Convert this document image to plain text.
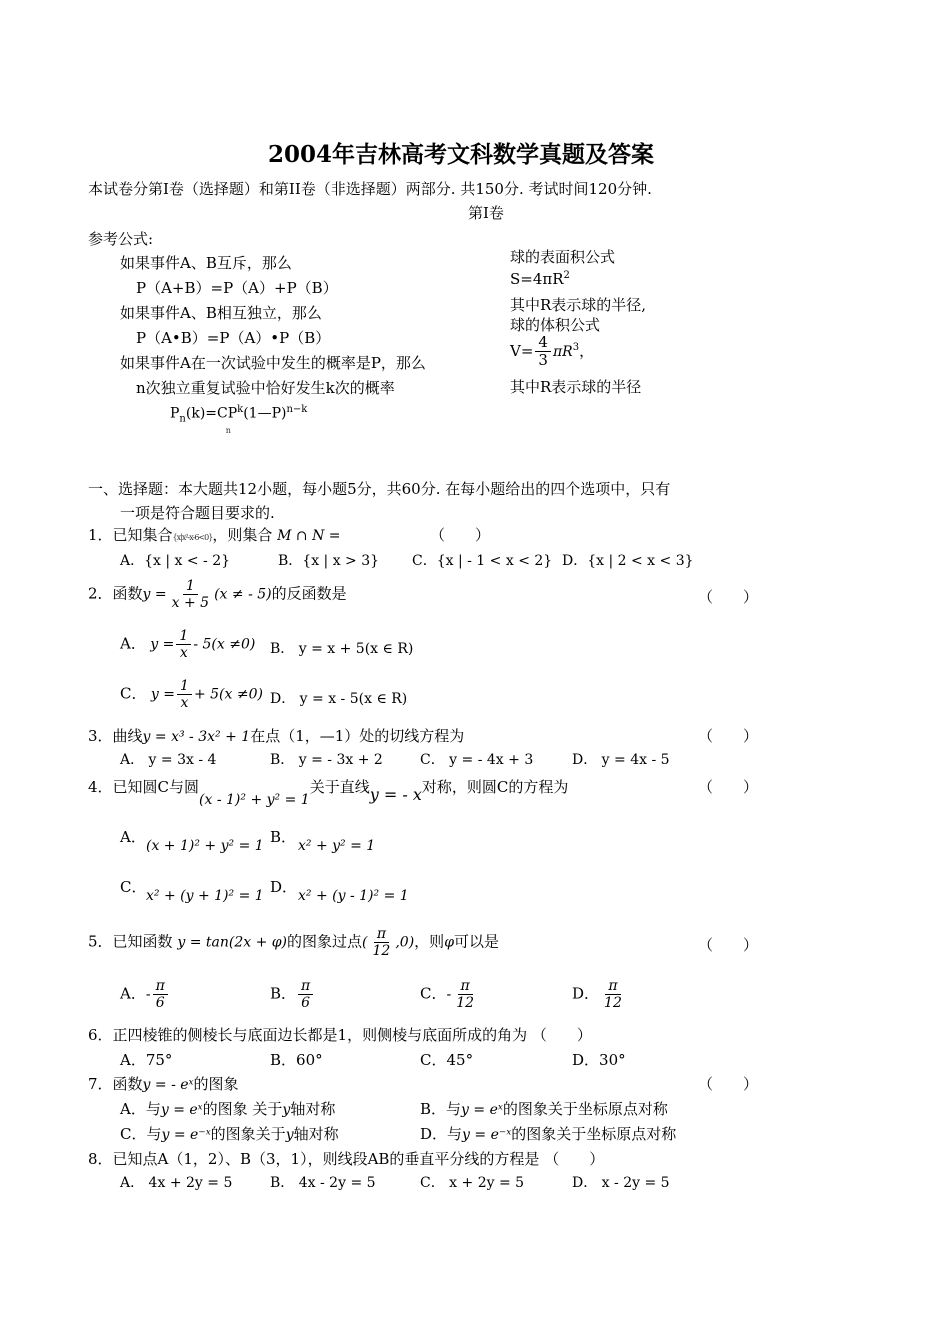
2004年吉林高考文科数学真题及答案
本试卷分第Ⅰ卷（选择题）和第II卷（非选择题）两部分. 共150分. 考试时间120分钟.
第Ⅰ卷
参考公式:
如果事件A、B互斥，那么
P（A+B）=P（A）+P（B）
如果事件A、B相互独立，那么
P（A•B）=P（A）•P（B）
如果事件A在一次试验中发生的概率是P，那么
n次独立重复试验中恰好发生k次的概率
$P_n(k)=C$
n
$P^k(1—P)^{n-k}$
球的表面积公式
$S=4\pi R^2$
其中R表示球的半径,
球的体积公式
$V= \frac{4}{3} \pi R^3$，
其中R表示球的半径
一、选择题：本大题共12小题，每小题5分，共60分. 在每小题给出的四个选项中，只有
一项是符合题目要求的.
1．已知集合{x|x²-x-6<0}，则集合 M ∩ N =	（　　）
A．{x | x < - 2}	B．{x | x > 3} C．{x | - 1 < x < 2} D．{x | 2 < x < 3}
2．函数$y = \frac{1}{x + 5} (x$ ≠ - 5)的反函数是	（　　）
A． $y = \frac{1}{x} - 5(x \ne 0)$ B． y = x + 5(x ∈ R)
C． $y = \frac{1}{x} + 5(x \ne 0)$ D． y = x - 5(x ∈ R)
3．曲线y = x³ - 3x² + 1在点（1，—1）处的切线方程为	（　　）
A． y = 3x - 4	B． y = - 3x + 2	C． y = - 4x + 3	D． y = 4x - 5
4．已知圆C与圆(x - 1)² + y² = 1关于直线y = - x对称，则圆C的方程为	（　　）
A． (x + 1)² + y² = 1 B． x² + y² = 1
C． x² + (y + 1)² = 1 D． x² + (y - 1)² = 1
5．已知函数 y = tan(2x + φ)的图象过点( $\frac{\pi}{12} ,0$)，则φ可以是	（　　）
A．- $\frac{\pi}{6}$	B． $\frac{\pi}{6}$	C．- $\frac{\pi}{12}$	D． $\frac{\pi}{12}$
6．正四棱锥的侧棱长与底面边长都是1，则侧棱与底面所成的角为 （　　）
A．75°	B．60°	C．45°	D．30°
7．函数y = - eˣ的图象	（　　）
A．与y = eˣ的图象 关于y轴对称	B．与y = eˣ的图象关于坐标原点对称
C．与y = e⁻ˣ的图象关于y轴对称	D．与y = e⁻ˣ的图象关于坐标原点对称
8．已知点A（1，2）、B（3，1），则线段AB的垂直平分线的方程是 （　　）
A． 4x + 2y = 5	B． 4x - 2y = 5	C． x + 2y = 5	D． x - 2y = 5
